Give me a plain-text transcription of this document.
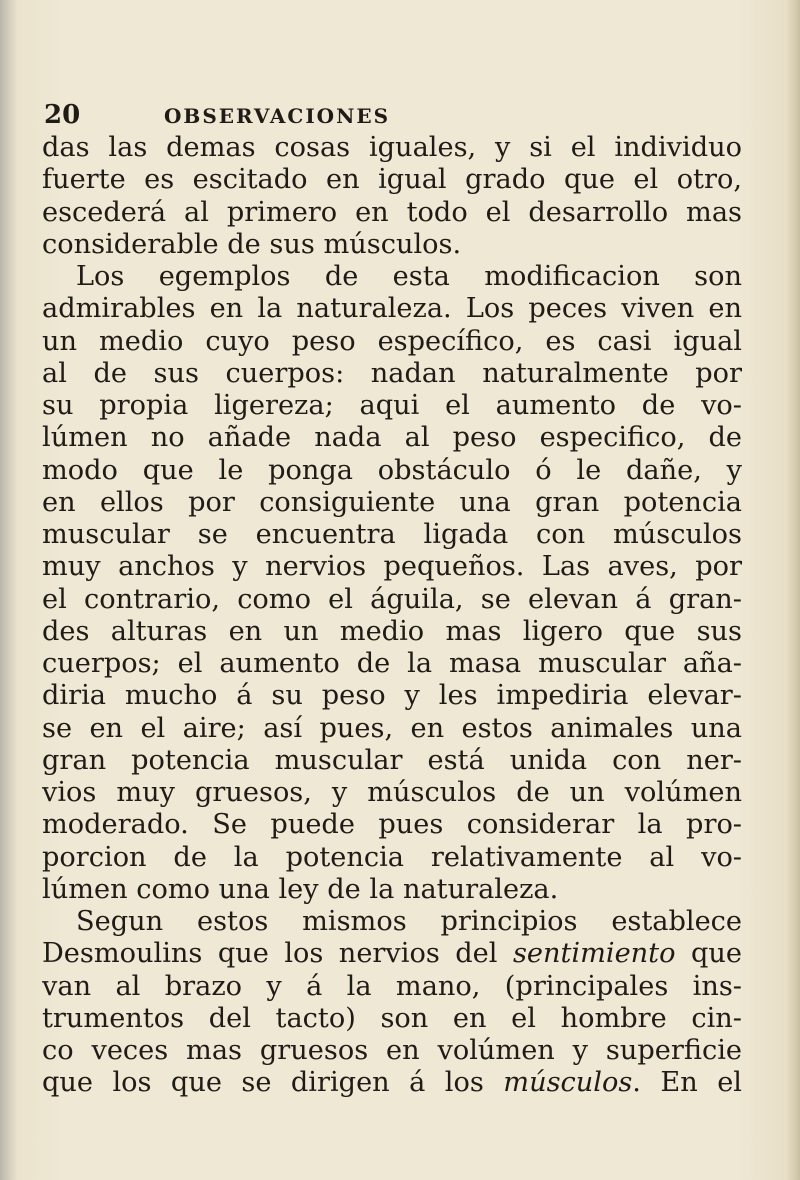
20	OBSERVACIONES
das las demas cosas iguales, y si el individuo
fuerte es escitado en igual grado que el otro,
escederá al primero en todo el desarrollo mas
considerable de sus músculos.
Los egemplos de esta modificacion son
admirables en la naturaleza. Los peces viven en
un medio cuyo peso específico, es casi igual
al de sus cuerpos: nadan naturalmente por
su propia ligereza; aqui el aumento de vo-
lúmen no añade nada al peso especifico, de
modo que le ponga obstáculo ó le dañe, y
en ellos por consiguiente una gran potencia
muscular se encuentra ligada con músculos
muy anchos y nervios pequeños. Las aves, por
el contrario, como el águila, se elevan á gran-
des alturas en un medio mas ligero que sus
cuerpos; el aumento de la masa muscular aña-
diria mucho á su peso y les impediria elevar-
se en el aire; así pues, en estos animales una
gran potencia muscular está unida con ner-
vios muy gruesos, y músculos de un volúmen
moderado. Se puede pues considerar la pro-
porcion de la potencia relativamente al vo-
lúmen como una ley de la naturaleza.
Segun estos mismos principios establece
Desmoulins que los nervios del sentimiento que
van al brazo y á la mano, (principales ins-
trumentos del tacto) son en el hombre cin-
co veces mas gruesos en volúmen y superficie
que los que se dirigen á los músculos. En el
